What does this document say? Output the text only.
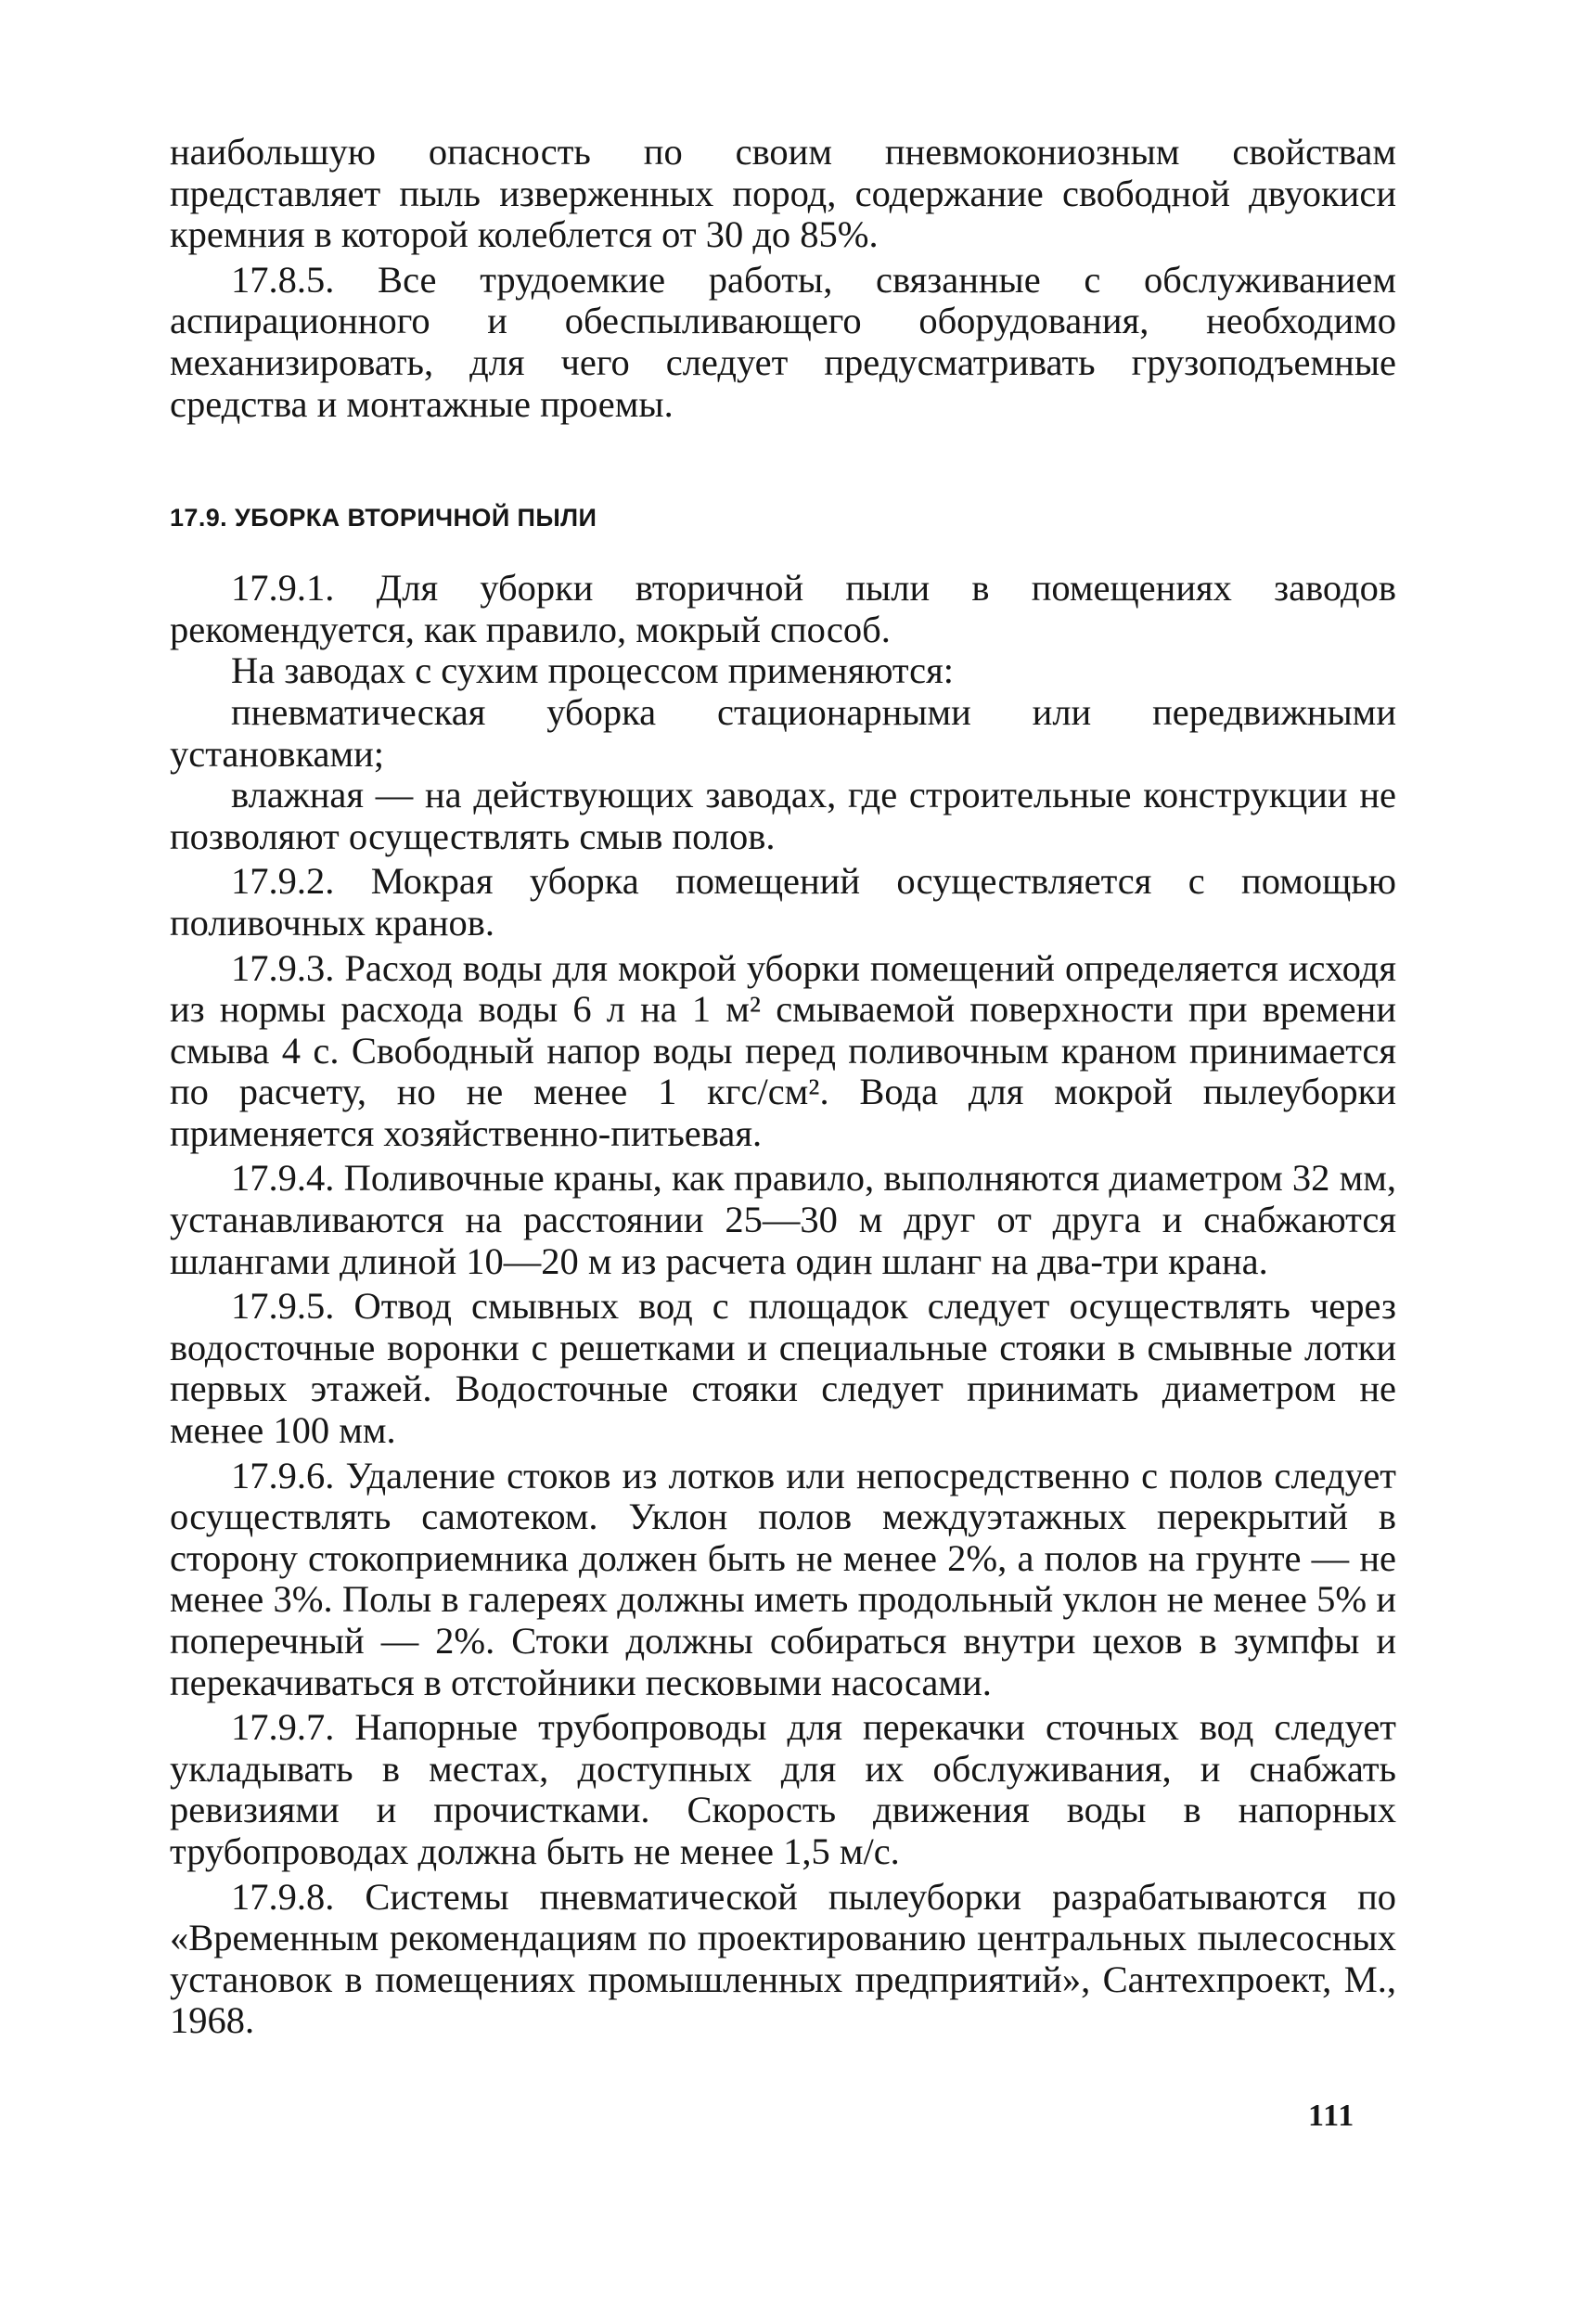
наибольшую опасность по своим пневмокониозным свойствам представляет пыль изверженных пород, содержание свободной двуокиси кремния в которой колеблется от 30 до 85%.

17.8.5. Все трудоемкие работы, связанные с обслуживанием аспирационного и обеспыливающего оборудования, необходимо механизировать, для чего следует предусматривать грузоподъемные средства и монтажные проемы.

17.9. УБОРКА ВТОРИЧНОЙ ПЫЛИ

17.9.1. Для уборки вторичной пыли в помещениях заводов рекомендуется, как правило, мокрый способ.

На заводах с сухим процессом применяются:

пневматическая уборка стационарными или передвижными установками;

влажная — на действующих заводах, где строительные конструкции не позволяют осуществлять смыв полов.

17.9.2. Мокрая уборка помещений осуществляется с помощью поливочных кранов.

17.9.3. Расход воды для мокрой уборки помещений определяется исходя из нормы расхода воды 6 л на 1 м² смываемой поверхности при времени смыва 4 с. Свободный напор воды перед поливочным краном принимается по расчету, но не менее 1 кгс/см². Вода для мокрой пылеуборки применяется хозяйственно-питьевая.

17.9.4. Поливочные краны, как правило, выполняются диаметром 32 мм, устанавливаются на расстоянии 25—30 м друг от друга и снабжаются шлангами длиной 10—20 м из расчета один шланг на два-три крана.

17.9.5. Отвод смывных вод с площадок следует осуществлять через водосточные воронки с решетками и специальные стояки в смывные лотки первых этажей. Водосточные стояки следует принимать диаметром не менее 100 мм.

17.9.6. Удаление стоков из лотков или непосредственно с полов следует осуществлять самотеком. Уклон полов междуэтажных перекрытий в сторону стокоприемника должен быть не менее 2%, а полов на грунте — не менее 3%. Полы в галереях должны иметь продольный уклон не менее 5% и поперечный — 2%. Стоки должны собираться внутри цехов в зумпфы и перекачиваться в отстойники песковыми насосами.

17.9.7. Напорные трубопроводы для перекачки сточных вод следует укладывать в местах, доступных для их обслуживания, и снабжать ревизиями и прочистками. Скорость движения воды в напорных трубопроводах должна быть не менее 1,5 м/с.

17.9.8. Системы пневматической пылеуборки разрабатываются по «Временным рекомендациям по проектированию центральных пылесосных установок в помещениях промышленных предприятий», Сантехпроект, М., 1968.

111
